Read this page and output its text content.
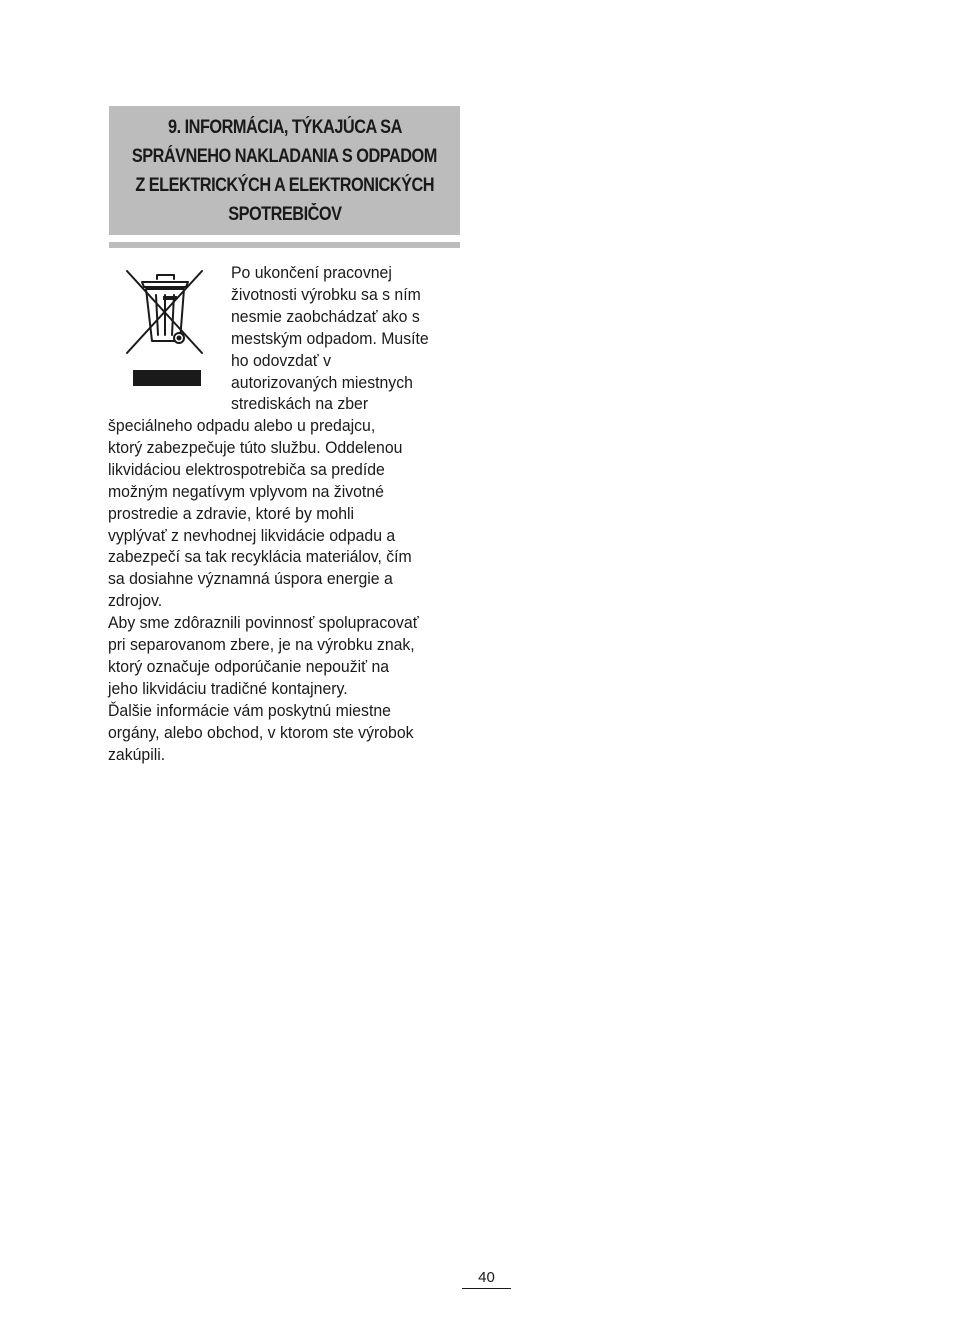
9. INFORMÁCIA, TÝKAJÚCA SA
SPRÁVNEHO NAKLADANIA S ODPADOM
Z ELEKTRICKÝCH A ELEKTRONICKÝCH
SPOTREBIČOV
Po ukončení pracovnej
životnosti výrobku sa s ním
nesmie zaobchádzať ako s
mestským odpadom. Musíte
ho odovzdať v
autorizovaných miestnych
strediskách na zber
špeciálneho odpadu alebo u predajcu,
ktorý zabezpečuje túto službu. Oddelenou
likvidáciou elektrospotrebiča sa predíde
možným negatívym vplyvom na životné
prostredie a zdravie, ktoré by mohli
vyplývať z nevhodnej likvidácie odpadu a
zabezpečí sa tak recyklácia materiálov, čím
sa dosiahne významná úspora energie a
zdrojov.
Aby sme zdôraznili povinnosť spolupracovať
pri separovanom zbere, je na výrobku znak,
ktorý označuje odporúčanie nepoužiť na
jeho likvidáciu tradičné kontajnery.
Ďalšie informácie vám poskytnú miestne
orgány, alebo obchod, v ktorom ste výrobok
zakúpili.
40
